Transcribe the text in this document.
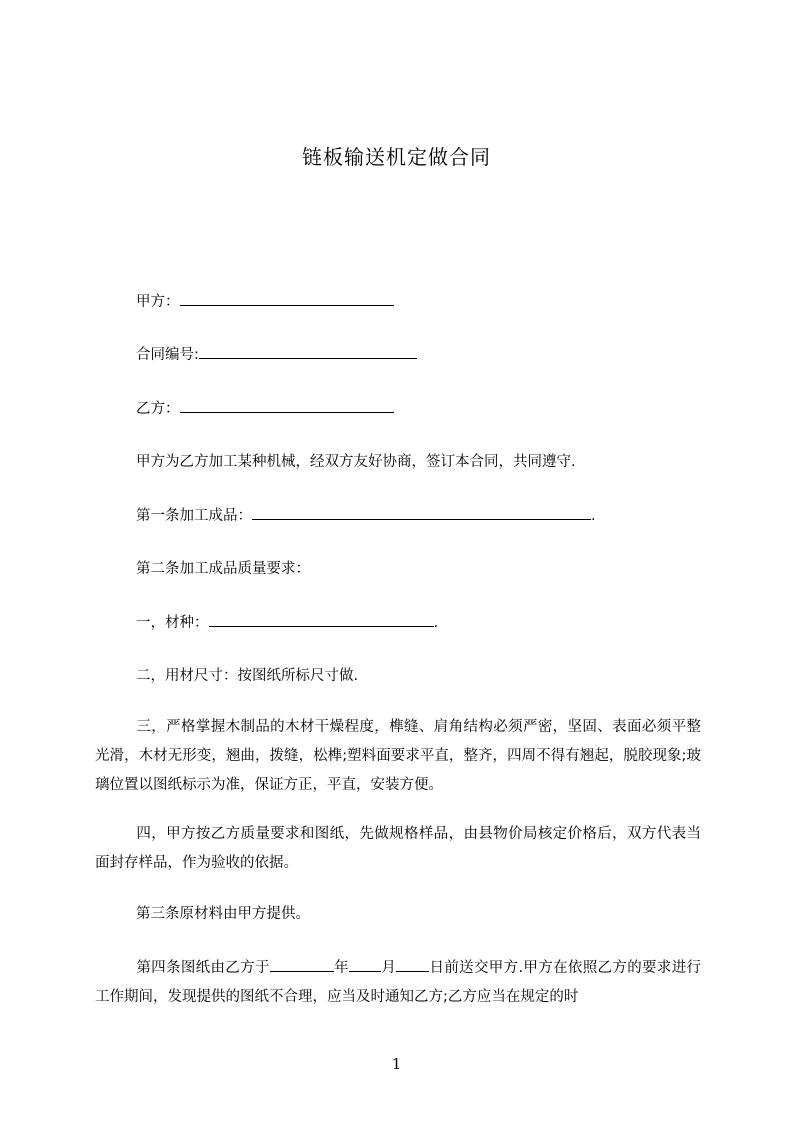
链板输送机定做合同
甲方：
合同编号:
乙方：
甲方为乙方加工某种机械，经双方友好协商，签订本合同，共同遵守.
第一条加工成品：	.
第二条加工成品质量要求：
一，材种：	.
二，用材尺寸：按图纸所标尺寸做.
三，严格掌握木制品的木材干燥程度，榫缝、肩角结构必须严密，坚固、表面必须平整光滑，木材无形变，翘曲，拨缝，松榫;塑料面要求平直，整齐，四周不得有翘起，脱胶现象;玻璃位置以图纸标示为准，保证方正，平直，安装方便。
四，甲方按乙方质量要求和图纸，先做规格样品，由县物价局核定价格后，双方代表当面封存样品，作为验收的依据。
第三条原材料由甲方提供。
第四条图纸由乙方于	年 月 日前送交甲方.甲方在依照乙方的要求进行工作期间，发现提供的图纸不合理，应当及时通知乙方;乙方应当在规定的时
1
